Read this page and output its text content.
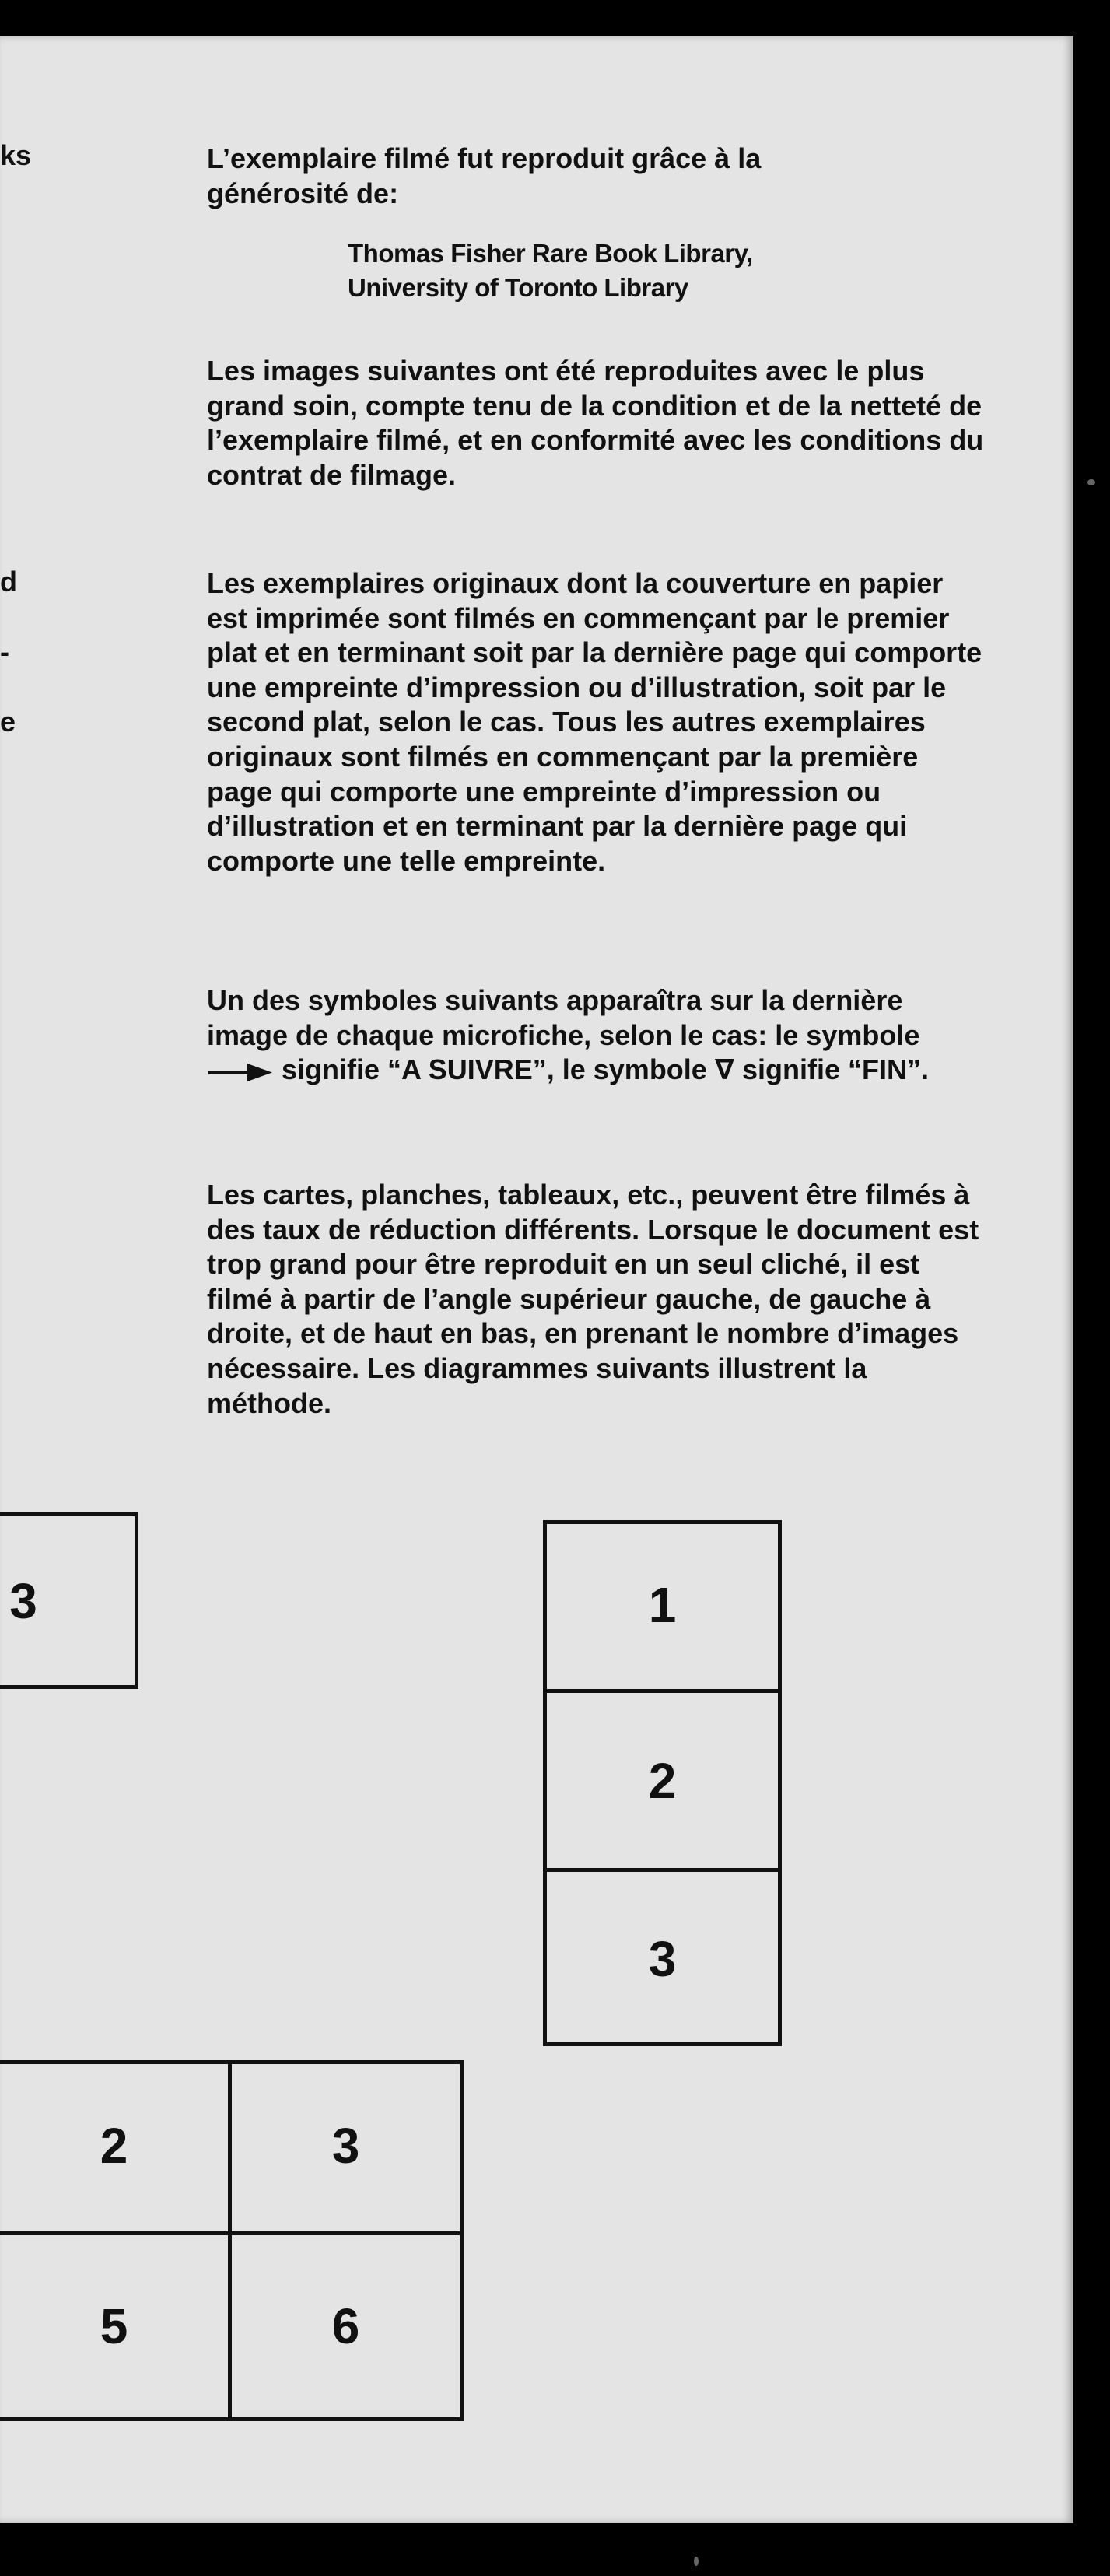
ks
d
-
e

L’exemplaire filmé fut reproduit grâce à la générosité de:

Thomas Fisher Rare Book Library,
University of Toronto Library

Les images suivantes ont été reproduites avec le plus grand soin, compte tenu de la condition et de la netteté de l’exemplaire filmé, et en conformité avec les conditions du contrat de filmage.

Les exemplaires originaux dont la couverture en papier est imprimée sont filmés en commençant par le premier plat et en terminant soit par la dernière page qui comporte une empreinte d’impression ou d’illustration, soit par le second plat, selon le cas. Tous les autres exemplaires originaux sont filmés en commençant par la première page qui comporte une empreinte d’impression ou d’illustration et en terminant par la dernière page qui comporte une telle empreinte.

Un des symboles suivants apparaîtra sur la dernière image de chaque microfiche, selon le cas: le symbole  signifie “A SUIVRE”, le symbole ∇ signifie “FIN”.

Les cartes, planches, tableaux, etc., peuvent être filmés à des taux de réduction différents. Lorsque le document est trop grand pour être reproduit en un seul cliché, il est filmé à partir de l’angle supérieur gauche, de gauche à droite, et de haut en bas, en prenant le nombre d’images nécessaire. Les diagrammes suivants illustrent la méthode.

3	1
2
3
2	3
5	6
